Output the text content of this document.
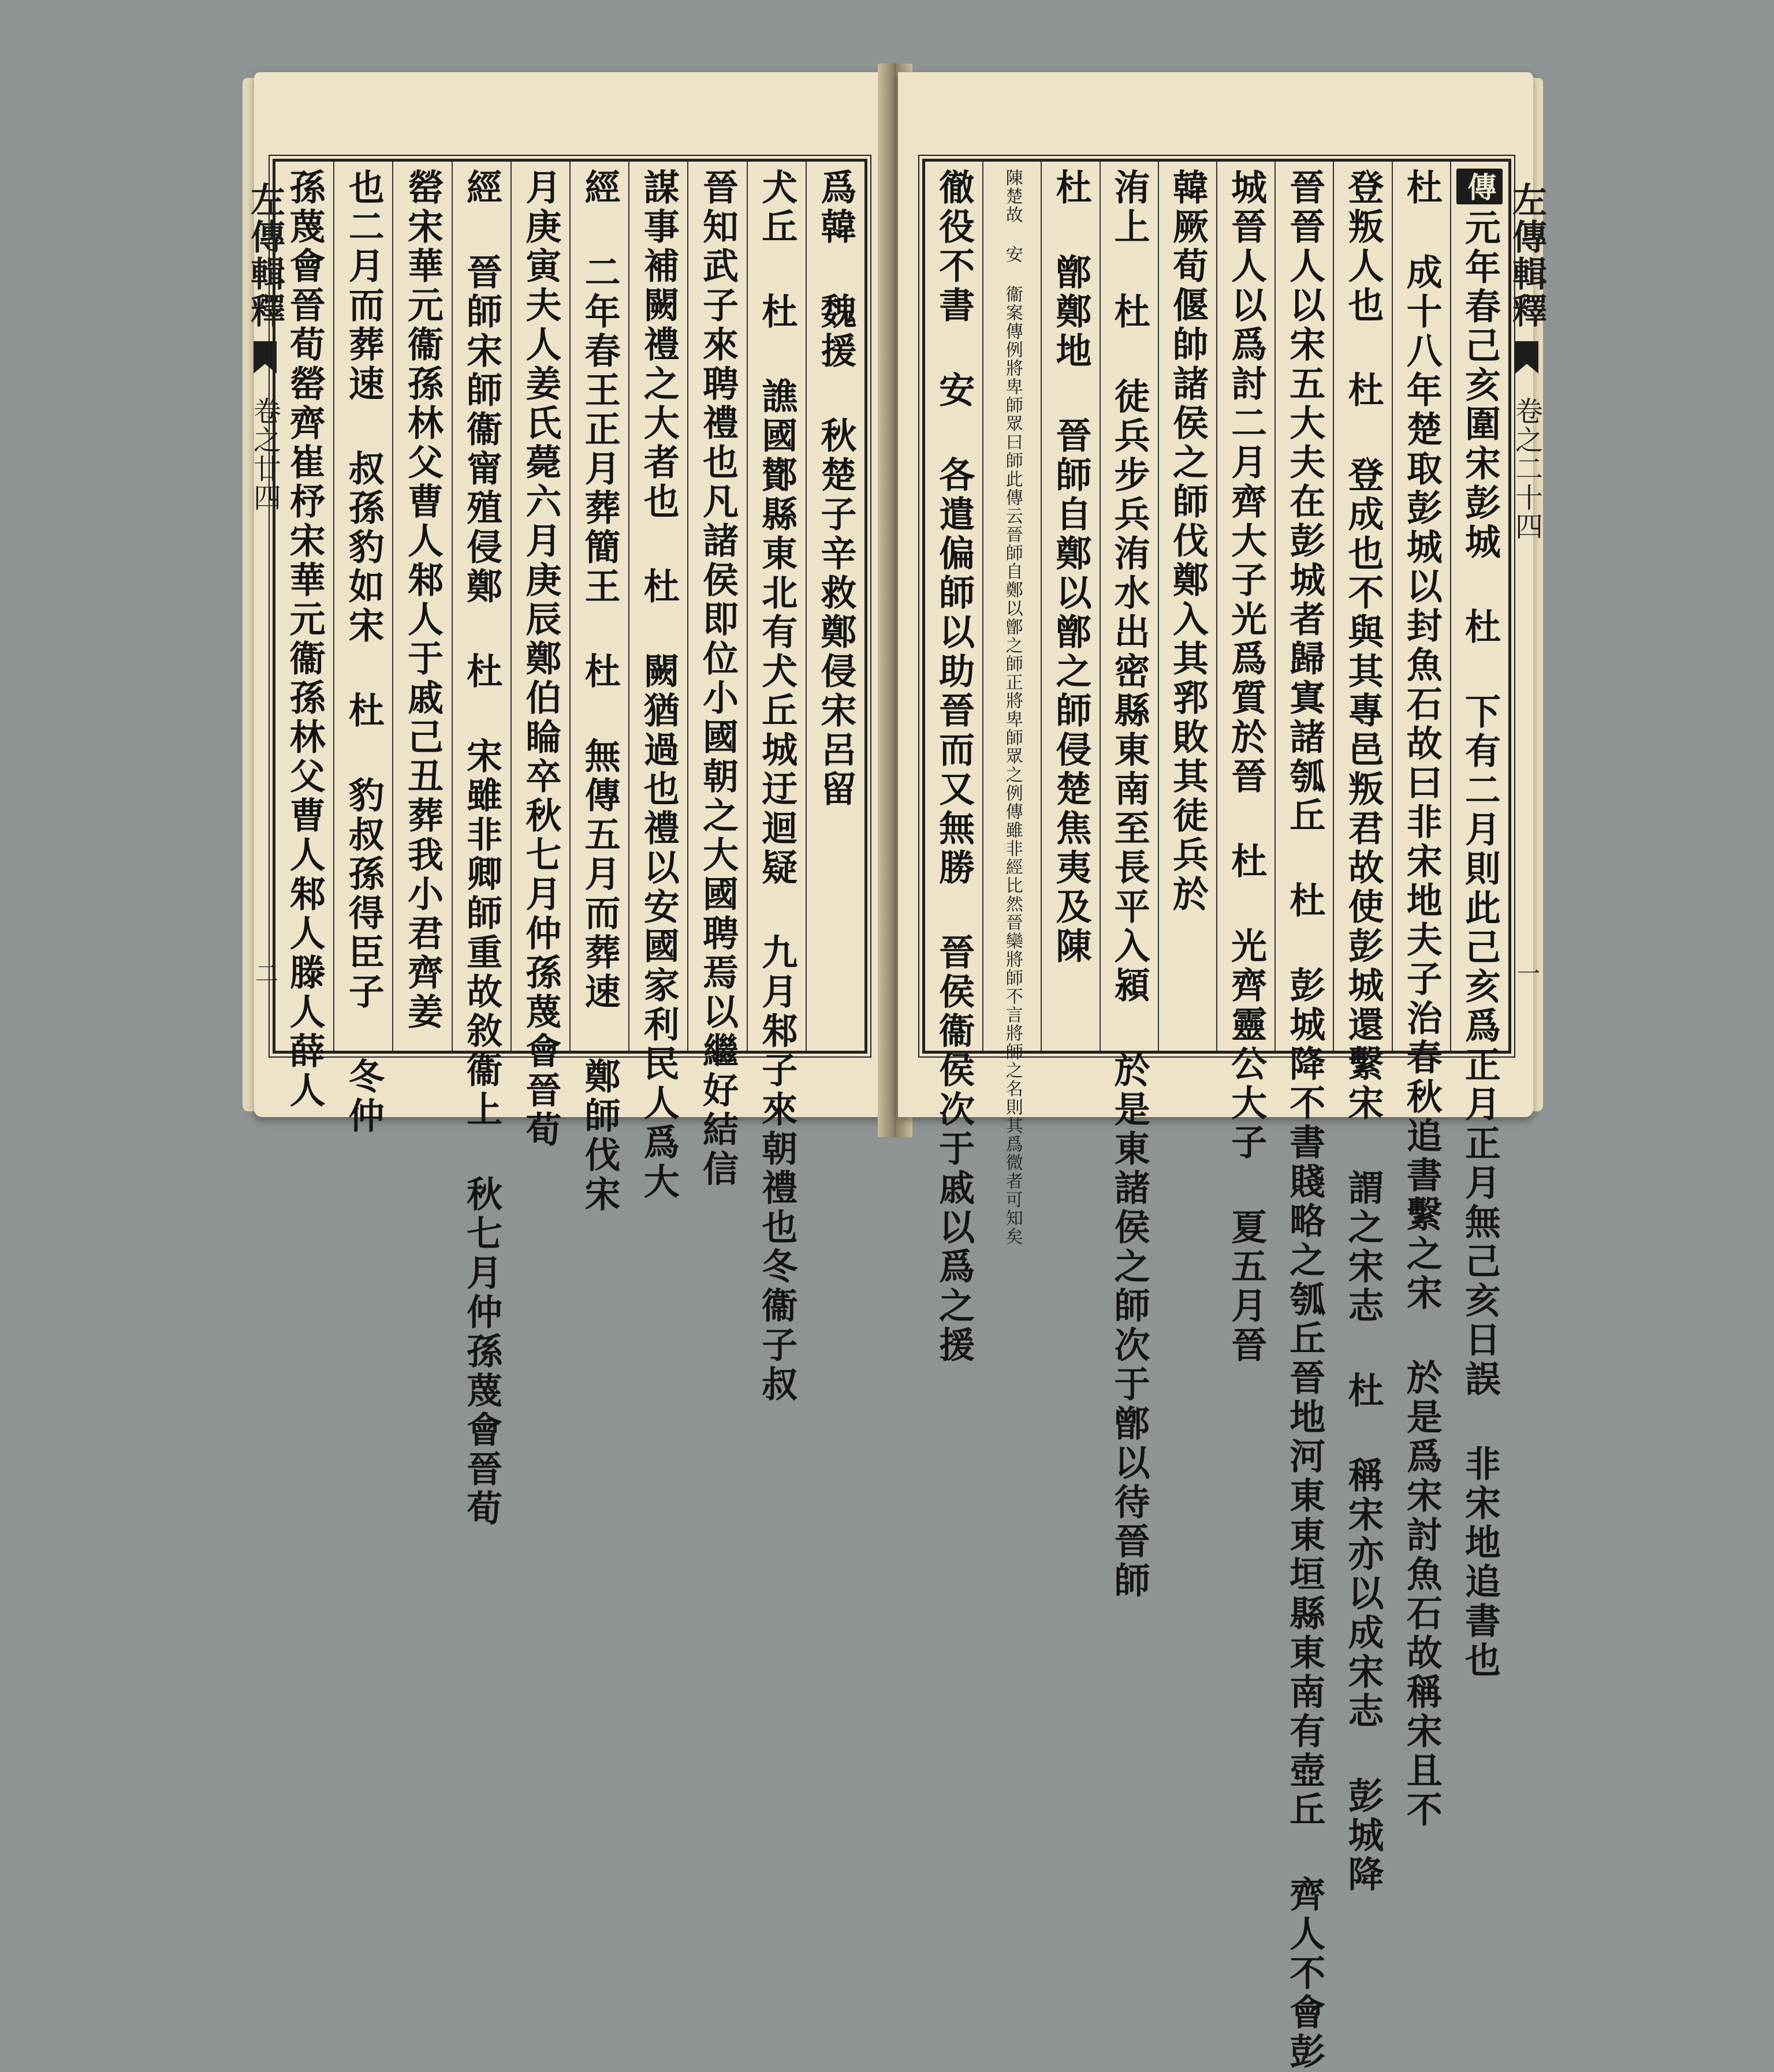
左傳輯釋
卷之廿四
二
爲韓 魏援 秋楚子辛救鄭侵宋呂留
犬丘 杜 譙國鄼縣東北有犬丘城迂迴疑 九月邾子來朝禮也冬衞子叔
晉知武子來聘禮也凡諸侯即位小國朝之大國聘焉以繼好結信
謀事補闕禮之大者也 杜 闕猶過也禮以安國家利民人爲大
經 二年春王正月葬簡王 杜 無傳五月而葬速 鄭師伐宋
月庚寅夫人姜氏薨六月庚辰鄭伯睔卒秋七月仲孫蔑會晉荀
經 晉師宋師衞甯殖侵鄭 杜 宋雖非卿師重故敘衞上 秋七月仲孫蔑會晉荀
罃宋華元衞孫林父曹人邾人于戚己丑葬我小君齊姜
也二月而葬速 叔孫豹如宋 杜 豹叔孫得臣子 冬仲
孫蔑會晉荀罃齊崔杼宋華元衞孫林父曹人邾人滕人薛人	左傳輯釋
卷之二十四
一
傳
元年春己亥圍宋彭城 杜 下有二月則此己亥爲正月正月無己亥日誤 非宋地追書也
杜 成十八年楚取彭城以封魚石故曰非宋地夫子治春秋追書繫之宋 於是爲宋討魚石故稱宋且不
登叛人也 杜 登成也不與其專邑叛君故使彭城還繫宋 謂之宋志 杜 稱宋亦以成宋志 彭城降
晉晉人以宋五大夫在彭城者歸寘諸瓠丘 杜 彭城降不書賤略之瓠丘晉地河東東垣縣東南有壺丘 齊人不會彭
城晉人以爲討二月齊大子光爲質於晉 杜 光齊靈公大子 夏五月晉
韓厥荀偃帥諸侯之師伐鄭入其郛敗其徒兵於
洧上 杜 徒兵步兵洧水出密縣東南至長平入潁 於是東諸侯之師次于鄫以待晉師
杜 鄫鄭地 晉師自鄭以鄫之師侵楚焦夷及陳
陳楚故 安 衞案傳例將卑師眾曰師此傳云晉師自鄭以鄫之師正將卑師眾之例傳雖非經比然晉欒將師不言將師之名則其爲微者可知矣
徹役不書 安 各遣偏師以助晉而又無勝 晉侯衞侯次于戚以爲之援
